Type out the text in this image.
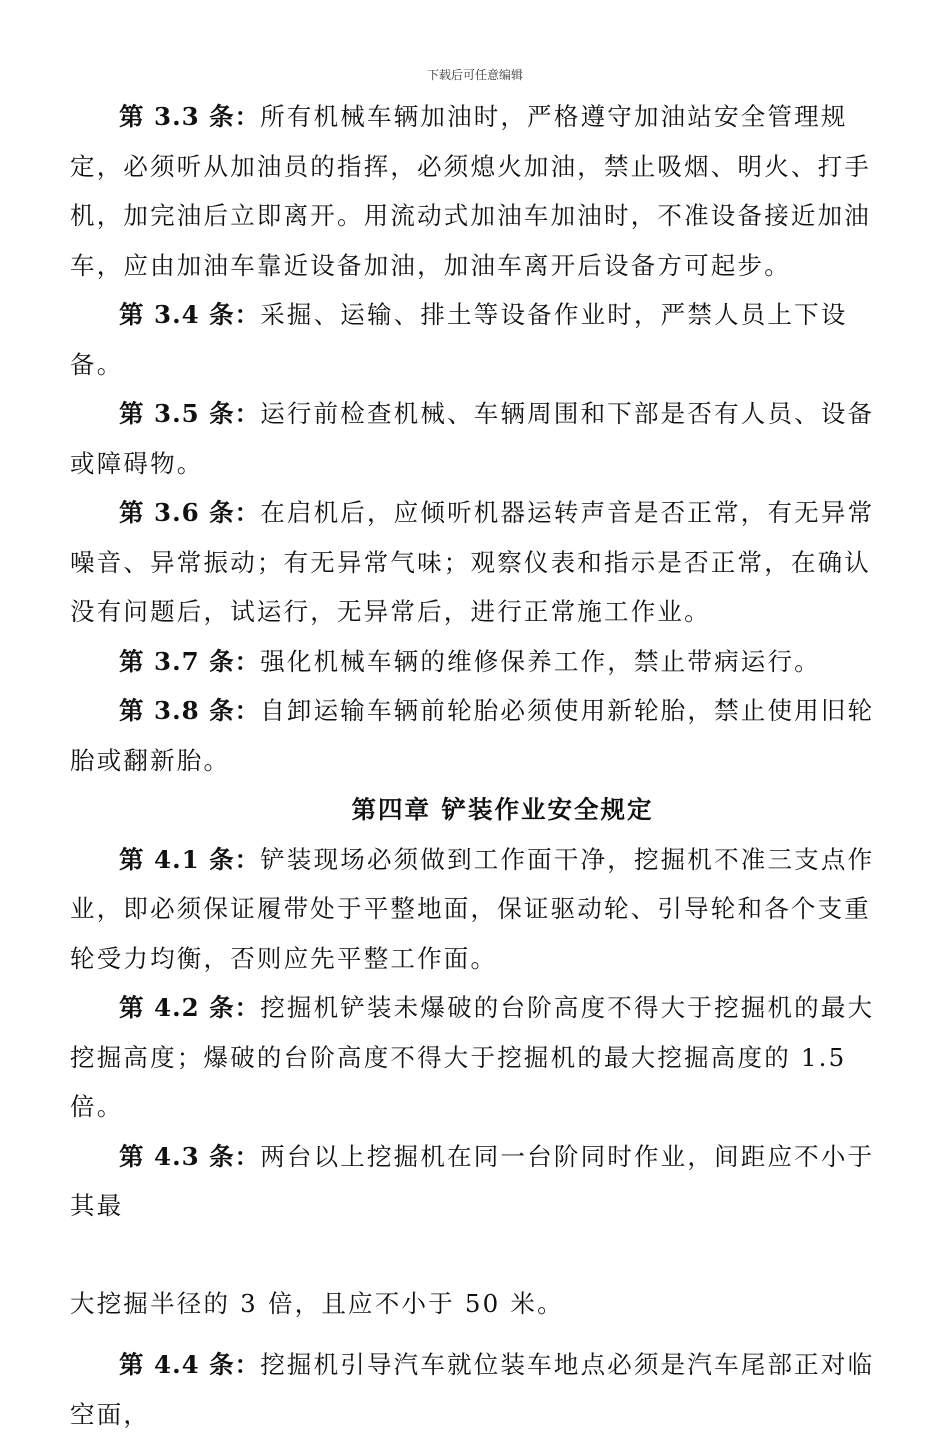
下载后可任意编辑

第 3.3 条：所有机械车辆加油时，严格遵守加油站安全管理规定，必须听从加油员的指挥，必须熄火加油，禁止吸烟、明火、打手机，加完油后立即离开。用流动式加油车加油时，不准设备接近加油车，应由加油车靠近设备加油，加油车离开后设备方可起步。

第 3.4 条：采掘、运输、排土等设备作业时，严禁人员上下设备。

第 3.5 条：运行前检查机械、车辆周围和下部是否有人员、设备或障碍物。

第 3.6 条：在启机后，应倾听机器运转声音是否正常，有无异常噪音、异常振动；有无异常气味；观察仪表和指示是否正常，在确认没有问题后，试运行，无异常后，进行正常施工作业。

第 3.7 条：强化机械车辆的维修保养工作，禁止带病运行。

第 3.8 条：自卸运输车辆前轮胎必须使用新轮胎，禁止使用旧轮胎或翻新胎。

第四章 铲装作业安全规定

第 4.1 条：铲装现场必须做到工作面干净，挖掘机不准三支点作业，即必须保证履带处于平整地面，保证驱动轮、引导轮和各个支重轮受力均衡，否则应先平整工作面。

第 4.2 条：挖掘机铲装未爆破的台阶高度不得大于挖掘机的最大挖掘高度；爆破的台阶高度不得大于挖掘机的最大挖掘高度的 1.5 倍。

第 4.3 条：两台以上挖掘机在同一台阶同时作业，间距应不小于其最

大挖掘半径的 3 倍，且应不小于 50 米。

第 4.4 条：挖掘机引导汽车就位装车地点必须是汽车尾部正对临空面，
